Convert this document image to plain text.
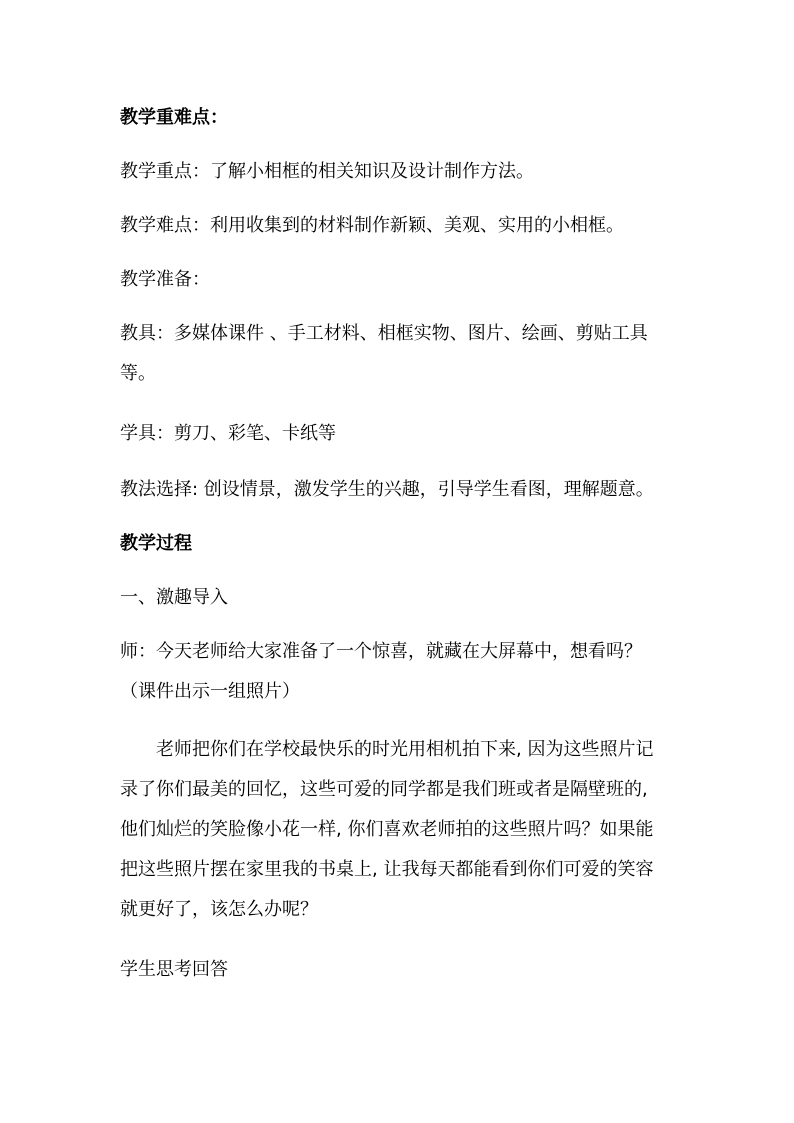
教学重难点：
教学重点：了解小相框的相关知识及设计制作方法。
教学难点：利用收集到的材料制作新颖、美观、实用的小相框。
教学准备：
教具：多媒体课件 、手工材料、相框实物、图片、绘画、剪贴工具
等。
学具：剪刀、彩笔、卡纸等
教法选择: 创设情景，激发学生的兴趣，引导学生看图，理解题意。
教学过程
一、激趣导入
师：今天老师给大家准备了一个惊喜，就藏在大屏幕中，想看吗？
（课件出示一组照片）
老师把你们在学校最快乐的时光用相机拍下来, 因为这些照片记
录了你们最美的回忆，这些可爱的同学都是我们班或者是隔壁班的,
他们灿烂的笑脸像小花一样, 你们喜欢老师拍的这些照片吗？如果能
把这些照片摆在家里我的书桌上, 让我每天都能看到你们可爱的笑容
就更好了，该怎么办呢？
学生思考回答
